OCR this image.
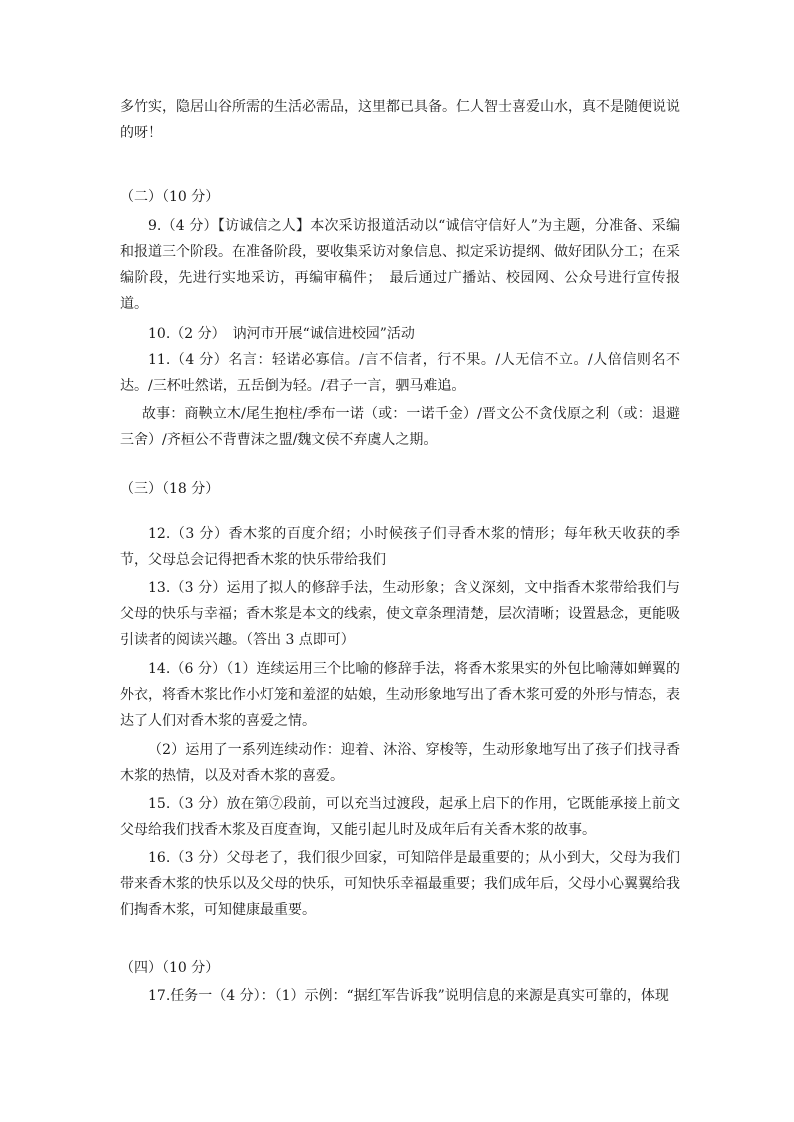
多竹实，隐居山谷所需的生活必需品，这里都已具备。仁人智士喜爱山水，真不是随便说说的呀！

（二）（10 分）

9.（4 分）【访诚信之人】本次采访报道活动以“诚信守信好人”为主题，分准备、采编和报道三个阶段。在准备阶段，要收集采访对象信息、拟定采访提纲、做好团队分工；在采编阶段，先进行实地采访，再编审稿件；　最后通过广播站、校园网、公众号进行宣传报道。

10.（2 分）　讷河市开展“诚信进校园”活动

11.（4 分）名言：轻诺必寡信。/言不信者，行不果。/人无信不立。/人倍信则名不达。/三杯吐然诺，五岳倒为轻。/君子一言，驷马难追。

故事：商鞅立木/尾生抱柱/季布一诺（或：一诺千金）/晋文公不贪伐原之利（或：退避三舍）/齐桓公不背曹沫之盟/魏文侯不弃虞人之期。

（三）（18 分）

12.（3 分）香木浆的百度介绍；小时候孩子们寻香木浆的情形；每年秋天收获的季节，父母总会记得把香木浆的快乐带给我们

13.（3 分）运用了拟人的修辞手法，生动形象；含义深刻，文中指香木浆带给我们与父母的快乐与幸福；香木浆是本文的线索，使文章条理清楚，层次清晰；设置悬念，更能吸引读者的阅读兴趣。（答出 3 点即可）

14.（6 分）（1）连续运用三个比喻的修辞手法，将香木浆果实的外包比喻薄如蝉翼的外衣，将香木浆比作小灯笼和羞涩的姑娘，生动形象地写出了香木浆可爱的外形与情态，表达了人们对香木浆的喜爱之情。

（2）运用了一系列连续动作：迎着、沐浴、穿梭等，生动形象地写出了孩子们找寻香木浆的热情，以及对香木浆的喜爱。

15.（3 分）放在第⑦段前，可以充当过渡段，起承上启下的作用，它既能承接上前文父母给我们找香木浆及百度查询，又能引起儿时及成年后有关香木浆的故事。

16.（3 分）父母老了，我们很少回家，可知陪伴是最重要的；从小到大，父母为我们带来香木浆的快乐以及父母的快乐，可知快乐幸福最重要；我们成年后，父母小心翼翼给我们掏香木浆，可知健康最重要。

（四）（10 分）

17.任务一（4 分）：（1）示例：“据红军告诉我”说明信息的来源是真实可靠的，体现
